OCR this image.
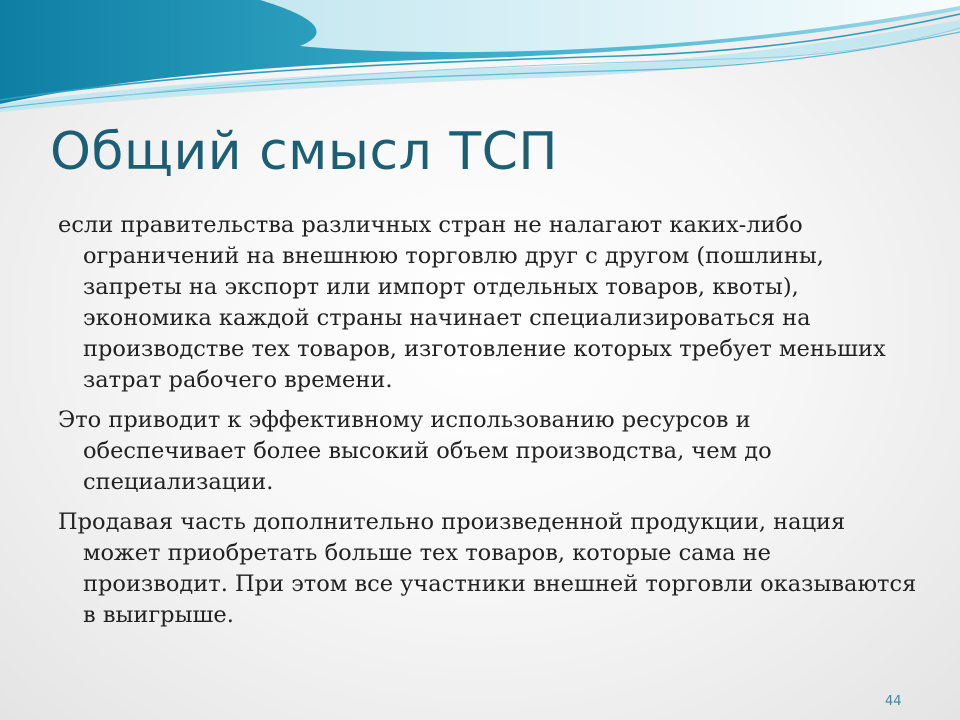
Общий смысл ТСП

если правительства различных стран не налагают каких-либо ограничений на внешнюю торговлю друг с другом (пошлины, запреты на экспорт или импорт отдельных товаров, квоты), экономика каждой страны начинает специализироваться на производстве тех товаров, изготовление которых требует меньших затрат рабочего времени.

Это приводит к эффективному использованию ресурсов и обеспечивает более высокий объем производства, чем до специализации.

Продавая часть дополнительно произведенной продукции, нация может приобретать больше тех товаров, которые сама не производит. При этом все участники внешней торговли оказываются в выигрыше.

44
